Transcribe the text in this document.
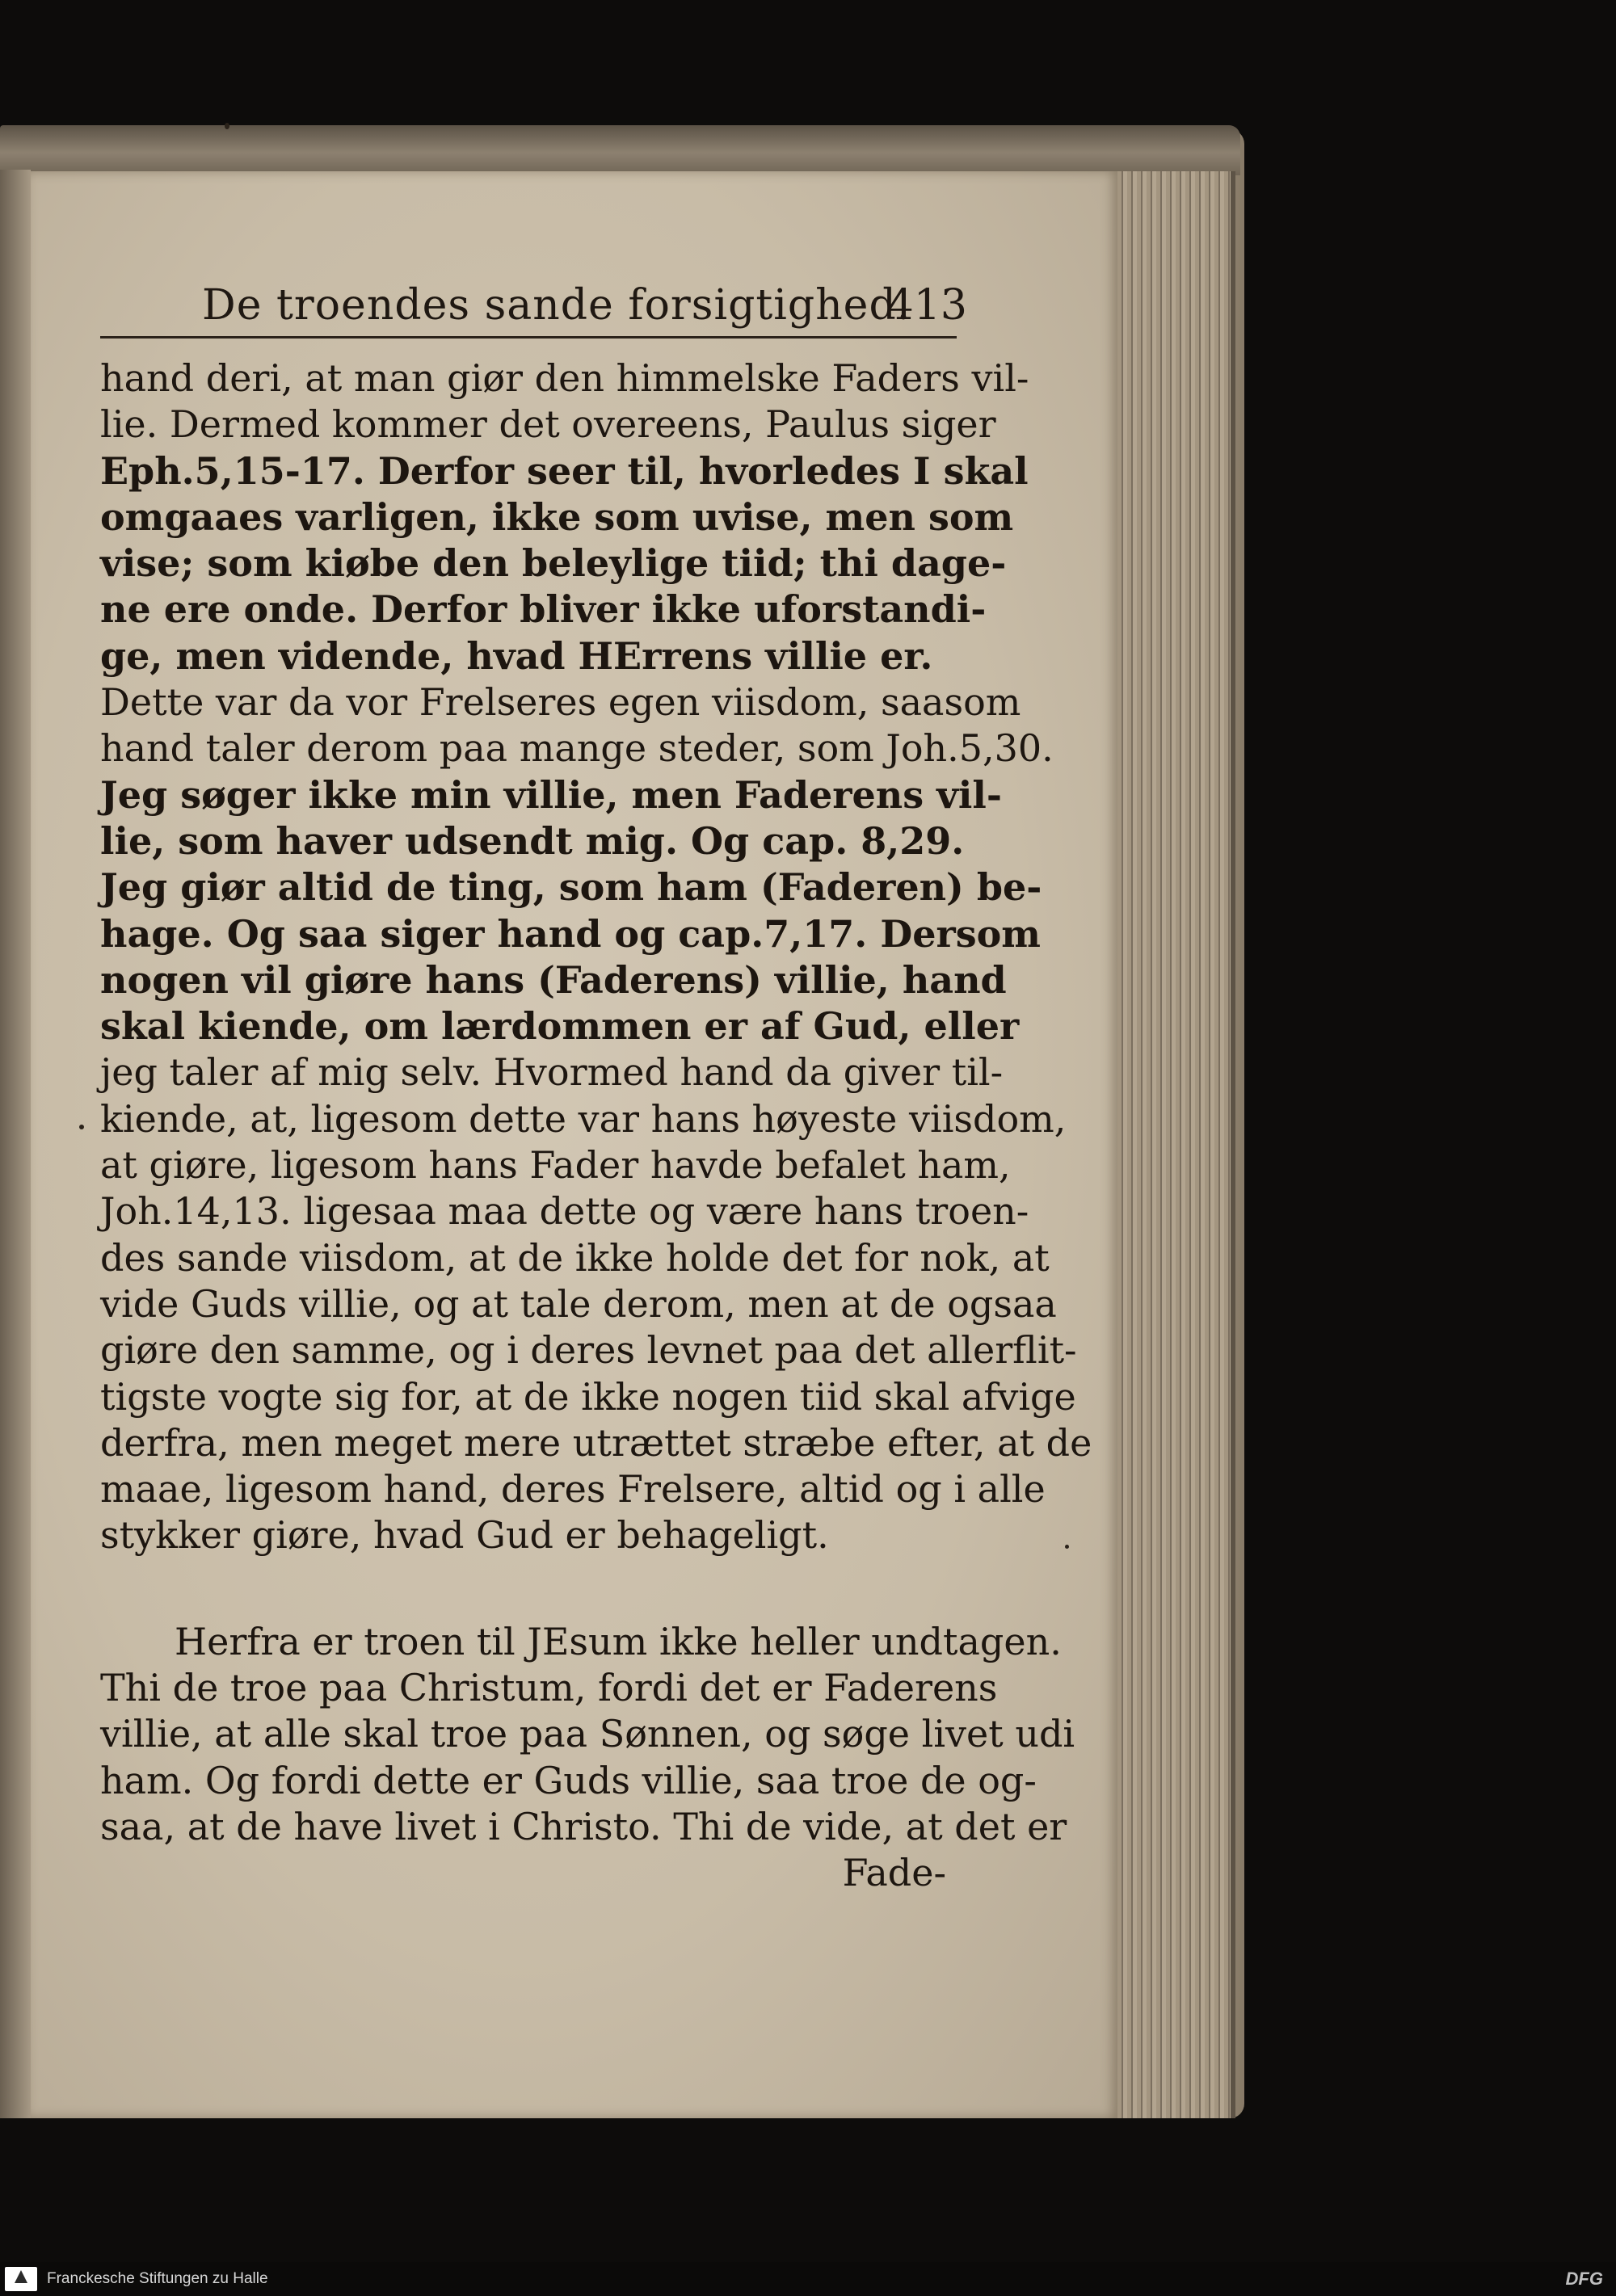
De troendes sande forsigtighed.
413
hand deri, at man giør den himmelske Faders vil-
lie. Dermed kommer det overeens, Paulus siger
Eph.5,15-17. Derfor seer til, hvorledes I skal
omgaaes varligen, ikke som uvise, men som
vise; som kiøbe den beleylige tiid; thi dage-
ne ere onde. Derfor bliver ikke uforstandi-
ge, men vidende, hvad HErrens villie er.
Dette var da vor Frelseres egen viisdom, saasom
hand taler derom paa mange steder, som Joh.5,30.
Jeg søger ikke min villie, men Faderens vil-
lie, som haver udsendt mig. Og cap. 8,29.
Jeg giør altid de ting, som ham (Faderen) be-
hage. Og saa siger hand og cap.7,17. Dersom
nogen vil giøre hans (Faderens) villie, hand
skal kiende, om lærdommen er af Gud, eller
jeg taler af mig selv. Hvormed hand da giver til-
kiende, at, ligesom dette var hans høyeste viisdom,
at giøre, ligesom hans Fader havde befalet ham,
Joh.14,13. ligesaa maa dette og være hans troen-
des sande viisdom, at de ikke holde det for nok, at
vide Guds villie, og at tale derom, men at de ogsaa
giøre den samme, og i deres levnet paa det allerflit-
tigste vogte sig for, at de ikke nogen tiid skal afvige
derfra, men meget mere utrættet stræbe efter, at de
maae, ligesom hand, deres Frelsere, altid og i alle
stykker giøre, hvad Gud er behageligt.
Herfra er troen til JEsum ikke heller undtagen.
Thi de troe paa Christum, fordi det er Faderens
villie, at alle skal troe paa Sønnen, og søge livet udi
ham. Og fordi dette er Guds villie, saa troe de og-
saa, at de have livet i Christo. Thi de vide, at det er
Fade-
Franckesche Stiftungen zu Halle	DFG
